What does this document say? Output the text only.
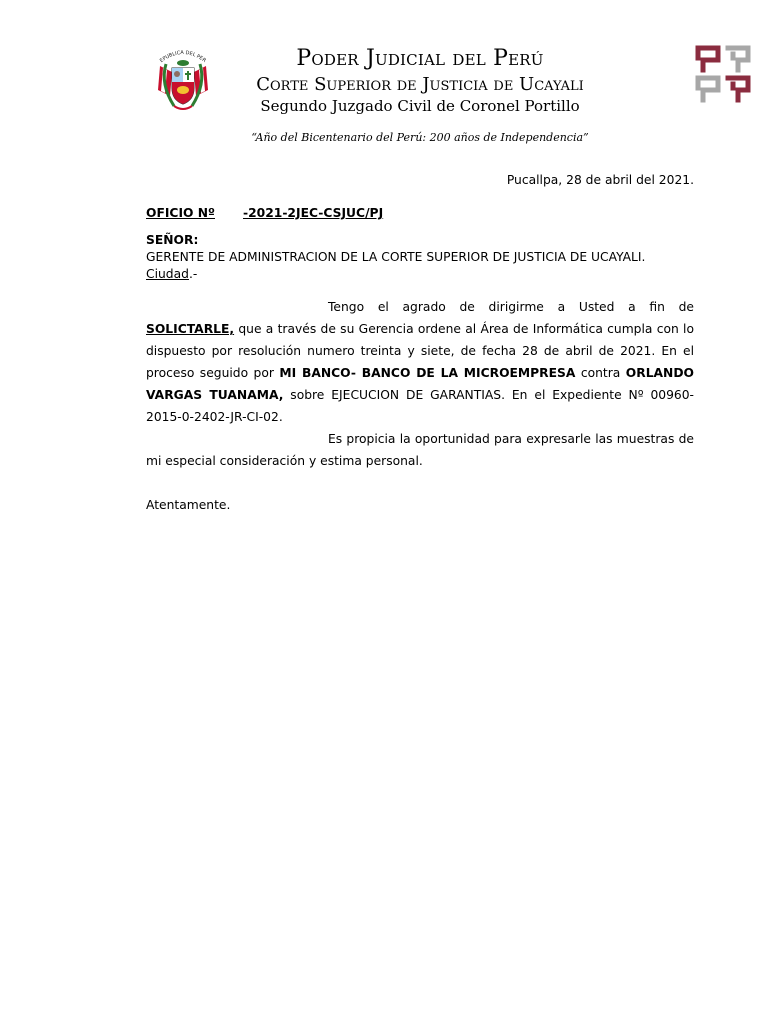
EPUBLICA DEL PER	Poder Judicial del Perú
Corte Superior de Justicia de Ucayali
Segundo Juzgado Civil de Coronel Portillo
“Año del Bicentenario del Perú: 200 años de Independencia”
Pucallpa, 28 de abril del 2021.
OFICIO Nº -2021-2JEC-CSJUC/PJ
SEÑOR:
GERENTE DE ADMINISTRACION DE LA CORTE SUPERIOR DE JUSTICIA DE UCAYALI.
Ciudad.-
Tengo el agrado de dirigirme a Usted a fin de SOLICTARLE, que a través de su Gerencia ordene al Área de Informática cumpla con lo dispuesto por resolución numero treinta y siete, de fecha 28 de abril de 2021. En el proceso seguido por MI BANCO- BANCO DE LA MICROEMPRESA contra ORLANDO VARGAS TUANAMA, sobre EJECUCION DE GARANTIAS. En el Expediente Nº 00960-2015-0-2402-JR-CI-02.
Es propicia la oportunidad para expresarle las muestras de mi especial consideración y estima personal.
Atentamente.
